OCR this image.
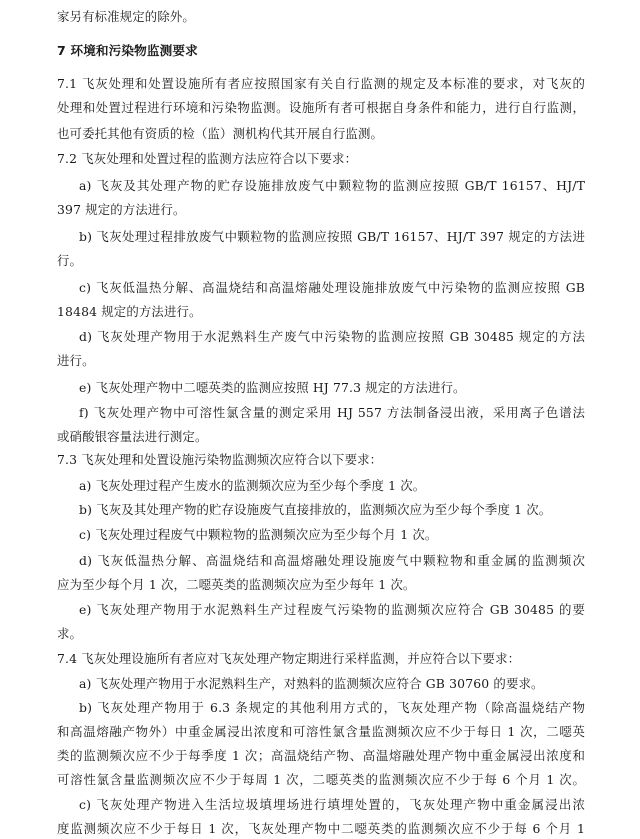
家另有标准规定的除外。
7 环境和污染物监测要求
7.1 飞灰处理和处置设施所有者应按照国家有关自行监测的规定及本标准的要求，对飞灰的
处理和处置过程进行环境和污染物监测。设施所有者可根据自身条件和能力，进行自行监测，
也可委托其他有资质的检（监）测机构代其开展自行监测。
7.2 飞灰处理和处置过程的监测方法应符合以下要求：
a) 飞灰及其处理产物的贮存设施排放废气中颗粒物的监测应按照 GB/T 16157、HJ/T
397 规定的方法进行。
b) 飞灰处理过程排放废气中颗粒物的监测应按照 GB/T 16157、HJ/T 397 规定的方法进
行。
c) 飞灰低温热分解、高温烧结和高温熔融处理设施排放废气中污染物的监测应按照 GB
18484 规定的方法进行。
d) 飞灰处理产物用于水泥熟料生产废气中污染物的监测应按照 GB 30485 规定的方法
进行。
e) 飞灰处理产物中二噁英类的监测应按照 HJ 77.3 规定的方法进行。
f) 飞灰处理产物中可溶性氯含量的测定采用 HJ 557 方法制备浸出液，采用离子色谱法
或硝酸银容量法进行测定。
7.3 飞灰处理和处置设施污染物监测频次应符合以下要求：
a) 飞灰处理过程产生废水的监测频次应为至少每个季度 1 次。
b) 飞灰及其处理产物的贮存设施废气直接排放的，监测频次应为至少每个季度 1 次。
c) 飞灰处理过程废气中颗粒物的监测频次应为至少每个月 1 次。
d) 飞灰低温热分解、高温烧结和高温熔融处理设施废气中颗粒物和重金属的监测频次
应为至少每个月 1 次，二噁英类的监测频次应为至少每年 1 次。
e) 飞灰处理产物用于水泥熟料生产过程废气污染物的监测频次应符合 GB 30485 的要
求。
7.4 飞灰处理设施所有者应对飞灰处理产物定期进行采样监测，并应符合以下要求：
a) 飞灰处理产物用于水泥熟料生产，对熟料的监测频次应符合 GB 30760 的要求。
b) 飞灰处理产物用于 6.3 条规定的其他利用方式的，飞灰处理产物（除高温烧结产物
和高温熔融产物外）中重金属浸出浓度和可溶性氯含量监测频次应不少于每日 1 次，二噁英
类的监测频次应不少于每季度 1 次；高温烧结产物、高温熔融处理产物中重金属浸出浓度和
可溶性氯含量监测频次应不少于每周 1 次，二噁英类的监测频次应不少于每 6 个月 1 次。
c) 飞灰处理产物进入生活垃圾填埋场进行填埋处置的，飞灰处理产物中重金属浸出浓
度监测频次应不少于每日 1 次，飞灰处理产物中二噁英类的监测频次应不少于每 6 个月 1
